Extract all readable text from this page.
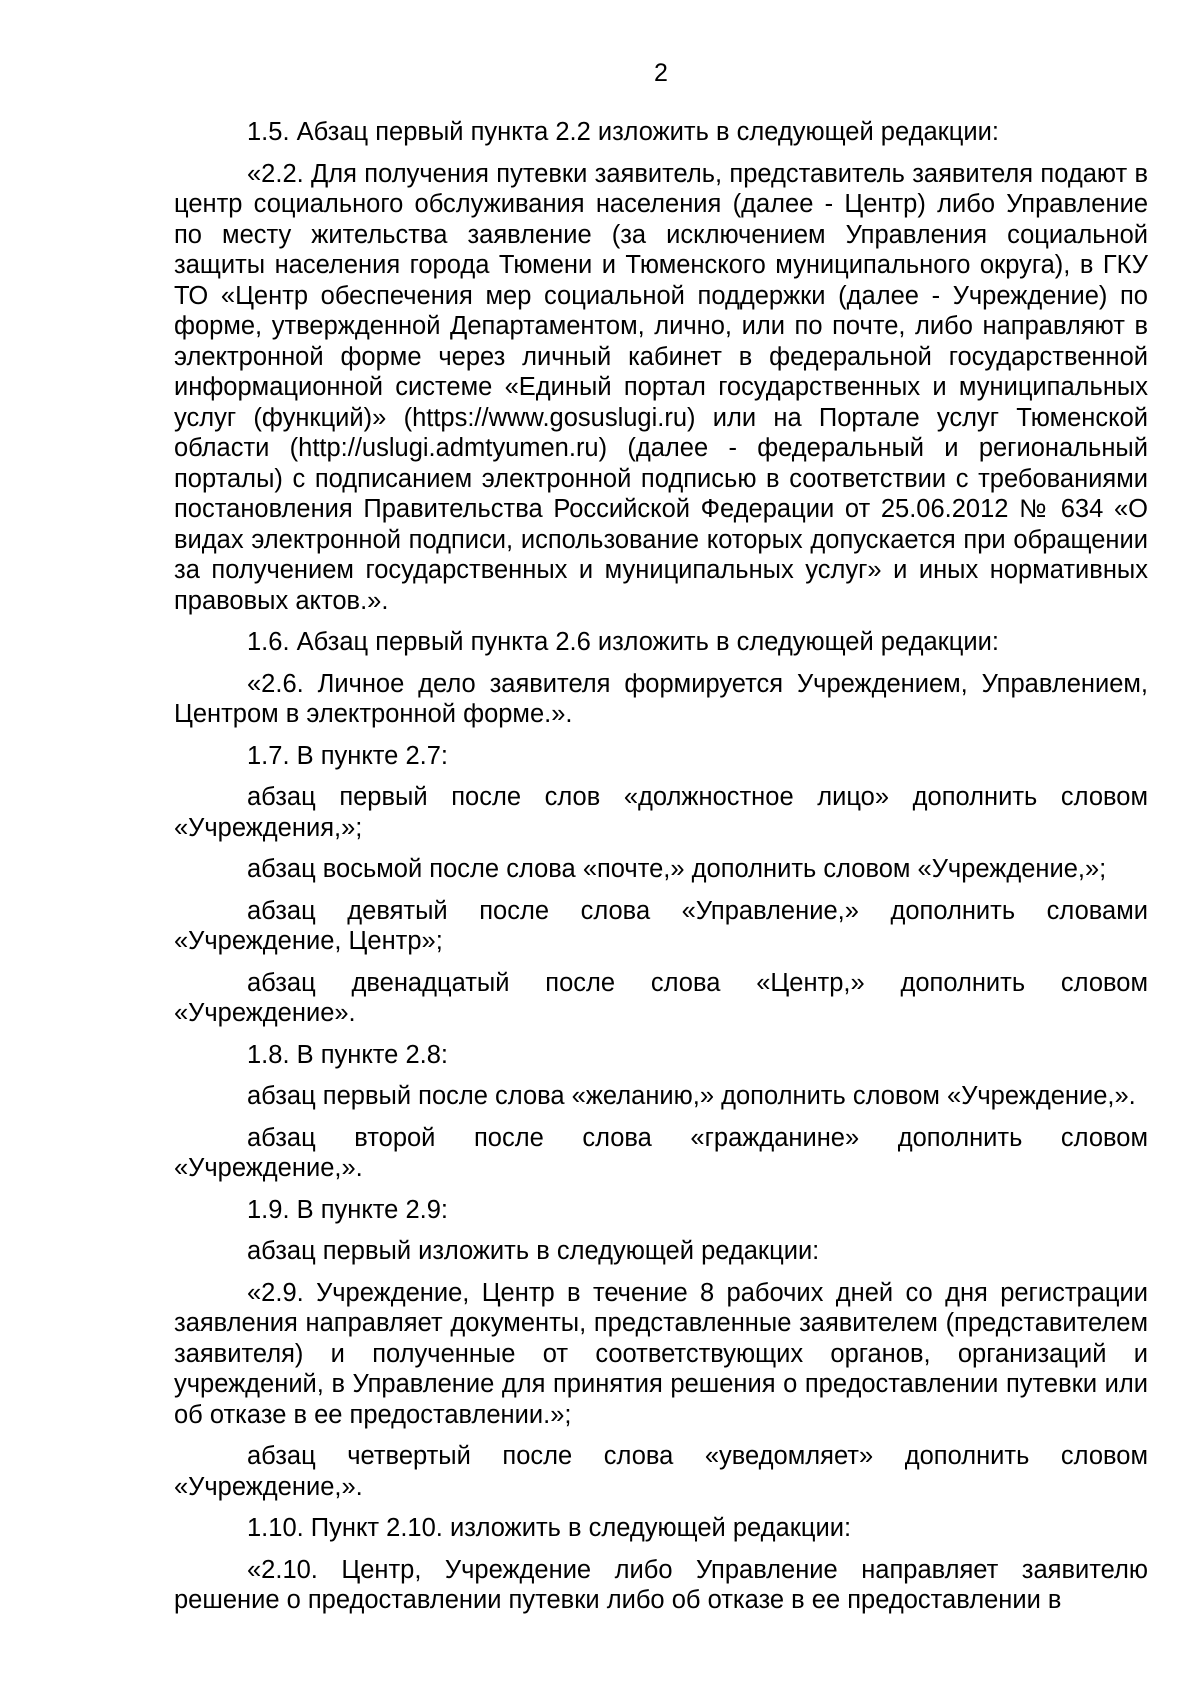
2

1.5. Абзац первый пункта 2.2 изложить в следующей редакции:

«2.2. Для получения путевки заявитель, представитель заявителя подают в центр социального обслуживания населения (далее - Центр) либо Управление по месту жительства заявление (за исключением Управления социальной защиты населения города Тюмени и Тюменского муниципального округа), в ГКУ ТО «Центр обеспечения мер социальной поддержки (далее - Учреждение) по форме, утвержденной Департаментом, лично, или по почте, либо направляют в электронной форме через личный кабинет в федеральной государственной информационной системе «Единый портал государственных и муниципальных услуг (функций)» (https://www.gosuslugi.ru) или на Портале услуг Тюменской области (http://uslugi.admtyumen.ru) (далее - федеральный и региональный порталы) с подписанием электронной подписью в соответствии с требованиями постановления Правительства Российской Федерации от 25.06.2012 № 634 «О видах электронной подписи, использование которых допускается при обращении за получением государственных и муниципальных услуг» и иных нормативных правовых актов.».

1.6. Абзац первый пункта 2.6 изложить в следующей редакции:

«2.6. Личное дело заявителя формируется Учреждением, Управлением, Центром в электронной форме.».

1.7. В пункте 2.7:

абзац первый после слов «должностное лицо» дополнить словом «Учреждения,»;

абзац восьмой после слова «почте,» дополнить словом «Учреждение,»;

абзац девятый после слова «Управление,» дополнить словами «Учреждение, Центр»;

абзац двенадцатый после слова «Центр,» дополнить словом «Учреждение».

1.8. В пункте 2.8:

абзац первый после слова «желанию,» дополнить словом «Учреждение,».

абзац второй после слова «гражданине» дополнить словом «Учреждение,».

1.9. В пункте 2.9:

абзац первый изложить в следующей редакции:

«2.9. Учреждение, Центр в течение 8 рабочих дней со дня регистрации заявления направляет документы, представленные заявителем (представителем заявителя) и полученные от соответствующих органов, организаций и учреждений, в Управление для принятия решения о предоставлении путевки или об отказе в ее предоставлении.»;

абзац четвертый после слова «уведомляет» дополнить словом «Учреждение,».

1.10. Пункт 2.10. изложить в следующей редакции:

«2.10. Центр, Учреждение либо Управление направляет заявителю решение о предоставлении путевки либо об отказе в ее предоставлении в
